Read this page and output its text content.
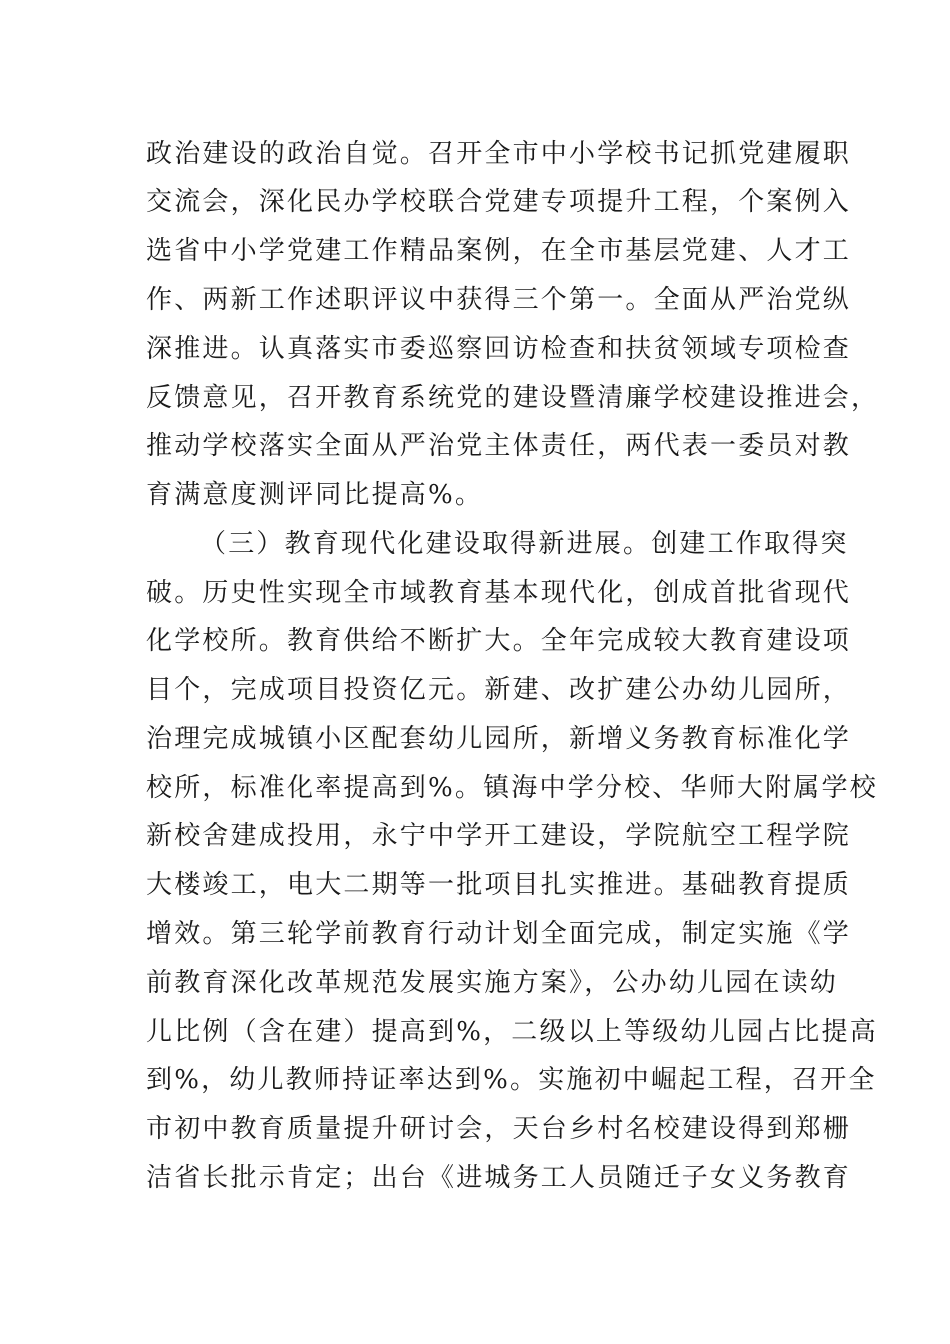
政治建设的政治自觉。召开全市中小学校书记抓党建履职
交流会，深化民办学校联合党建专项提升工程，个案例入
选省中小学党建工作精品案例，在全市基层党建、人才工
作、两新工作述职评议中获得三个第一。全面从严治党纵
深推进。认真落实市委巡察回访检查和扶贫领域专项检查
反馈意见，召开教育系统党的建设暨清廉学校建设推进会，
推动学校落实全面从严治党主体责任，两代表一委员对教
育满意度测评同比提高%。
（三）教育现代化建设取得新进展。创建工作取得突
破。历史性实现全市域教育基本现代化，创成首批省现代
化学校所。教育供给不断扩大。全年完成较大教育建设项
目个，完成项目投资亿元。新建、改扩建公办幼儿园所，
治理完成城镇小区配套幼儿园所，新增义务教育标准化学
校所，标准化率提高到%。镇海中学分校、华师大附属学校
新校舍建成投用，永宁中学开工建设，学院航空工程学院
大楼竣工，电大二期等一批项目扎实推进。基础教育提质
增效。第三轮学前教育行动计划全面完成，制定实施《学
前教育深化改革规范发展实施方案》，公办幼儿园在读幼
儿比例（含在建）提高到%，二级以上等级幼儿园占比提高
到%，幼儿教师持证率达到%。实施初中崛起工程，召开全
市初中教育质量提升研讨会，天台乡村名校建设得到郑栅
洁省长批示肯定；出台《进城务工人员随迁子女义务教育
